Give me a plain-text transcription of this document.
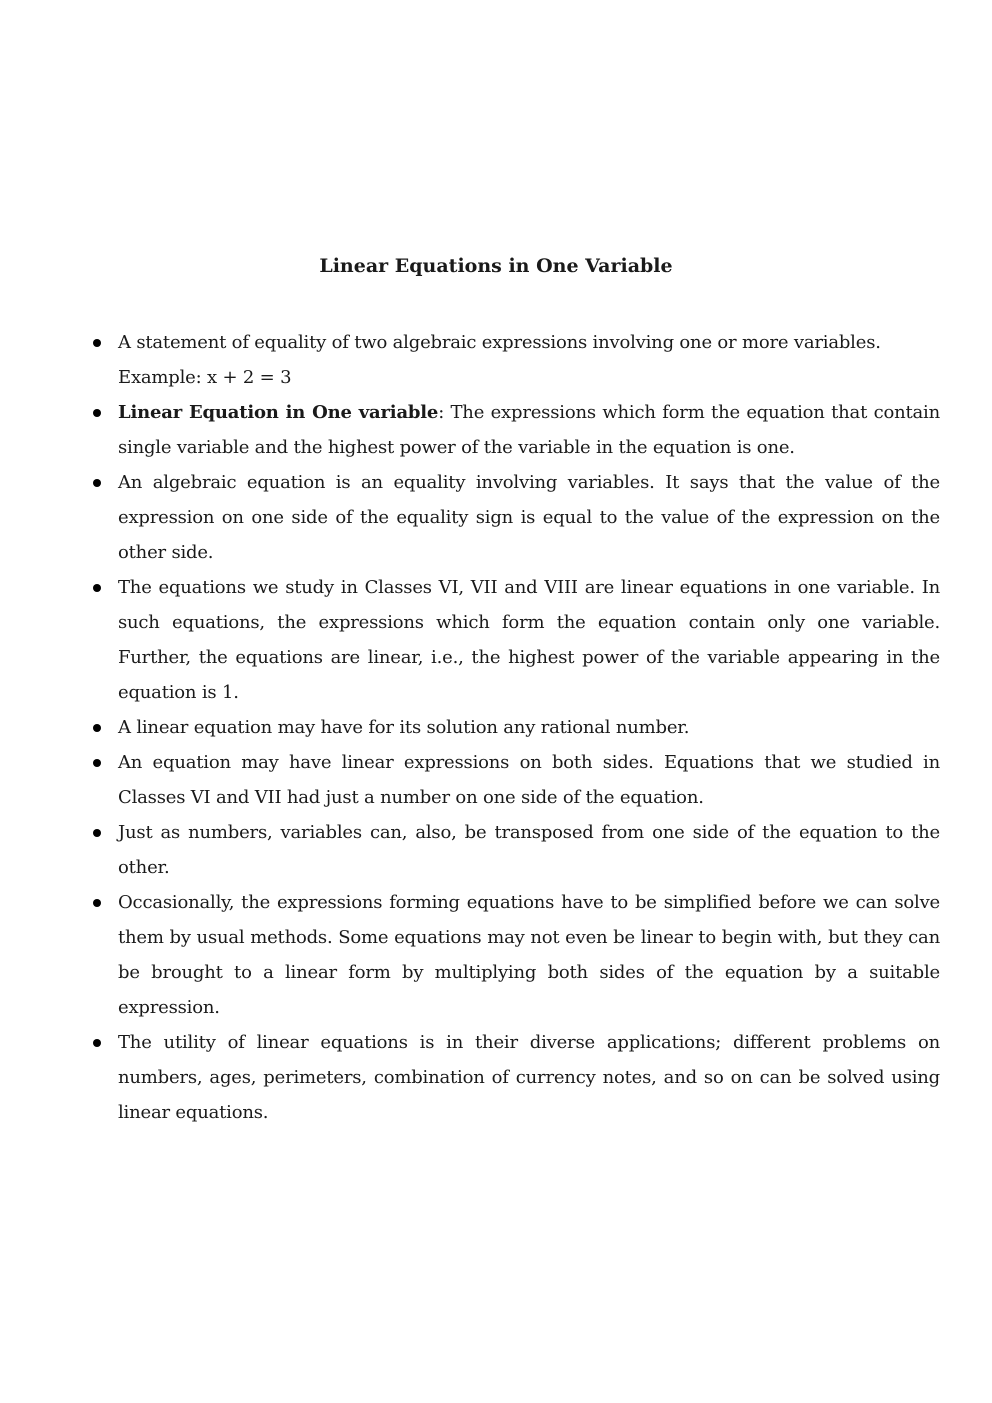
Linear Equations in One Variable
A statement of equality of two algebraic expressions involving one or more variables.
Example: x + 2 = 3
Linear Equation in One variable: The expressions which form the equation that contain single variable and the highest power of the variable in the equation is one.
An algebraic equation is an equality involving variables. It says that the value of the expression on one side of the equality sign is equal to the value of the expression on the other side.
The equations we study in Classes VI, VII and VIII are linear equations in one variable. In such equations, the expressions which form the equation contain only one variable. Further, the equations are linear, i.e., the highest power of the variable appearing in the equation is 1.
A linear equation may have for its solution any rational number.
An equation may have linear expressions on both sides. Equations that we studied in Classes VI and VII had just a number on one side of the equation.
Just as numbers, variables can, also, be transposed from one side of the equation to the other.
Occasionally, the expressions forming equations have to be simplified before we can solve them by usual methods. Some equations may not even be linear to begin with, but they can be brought to a linear form by multiplying both sides of the equation by a suitable expression.
The utility of linear equations is in their diverse applications; different problems on numbers, ages, perimeters, combination of currency notes, and so on can be solved using linear equations.
